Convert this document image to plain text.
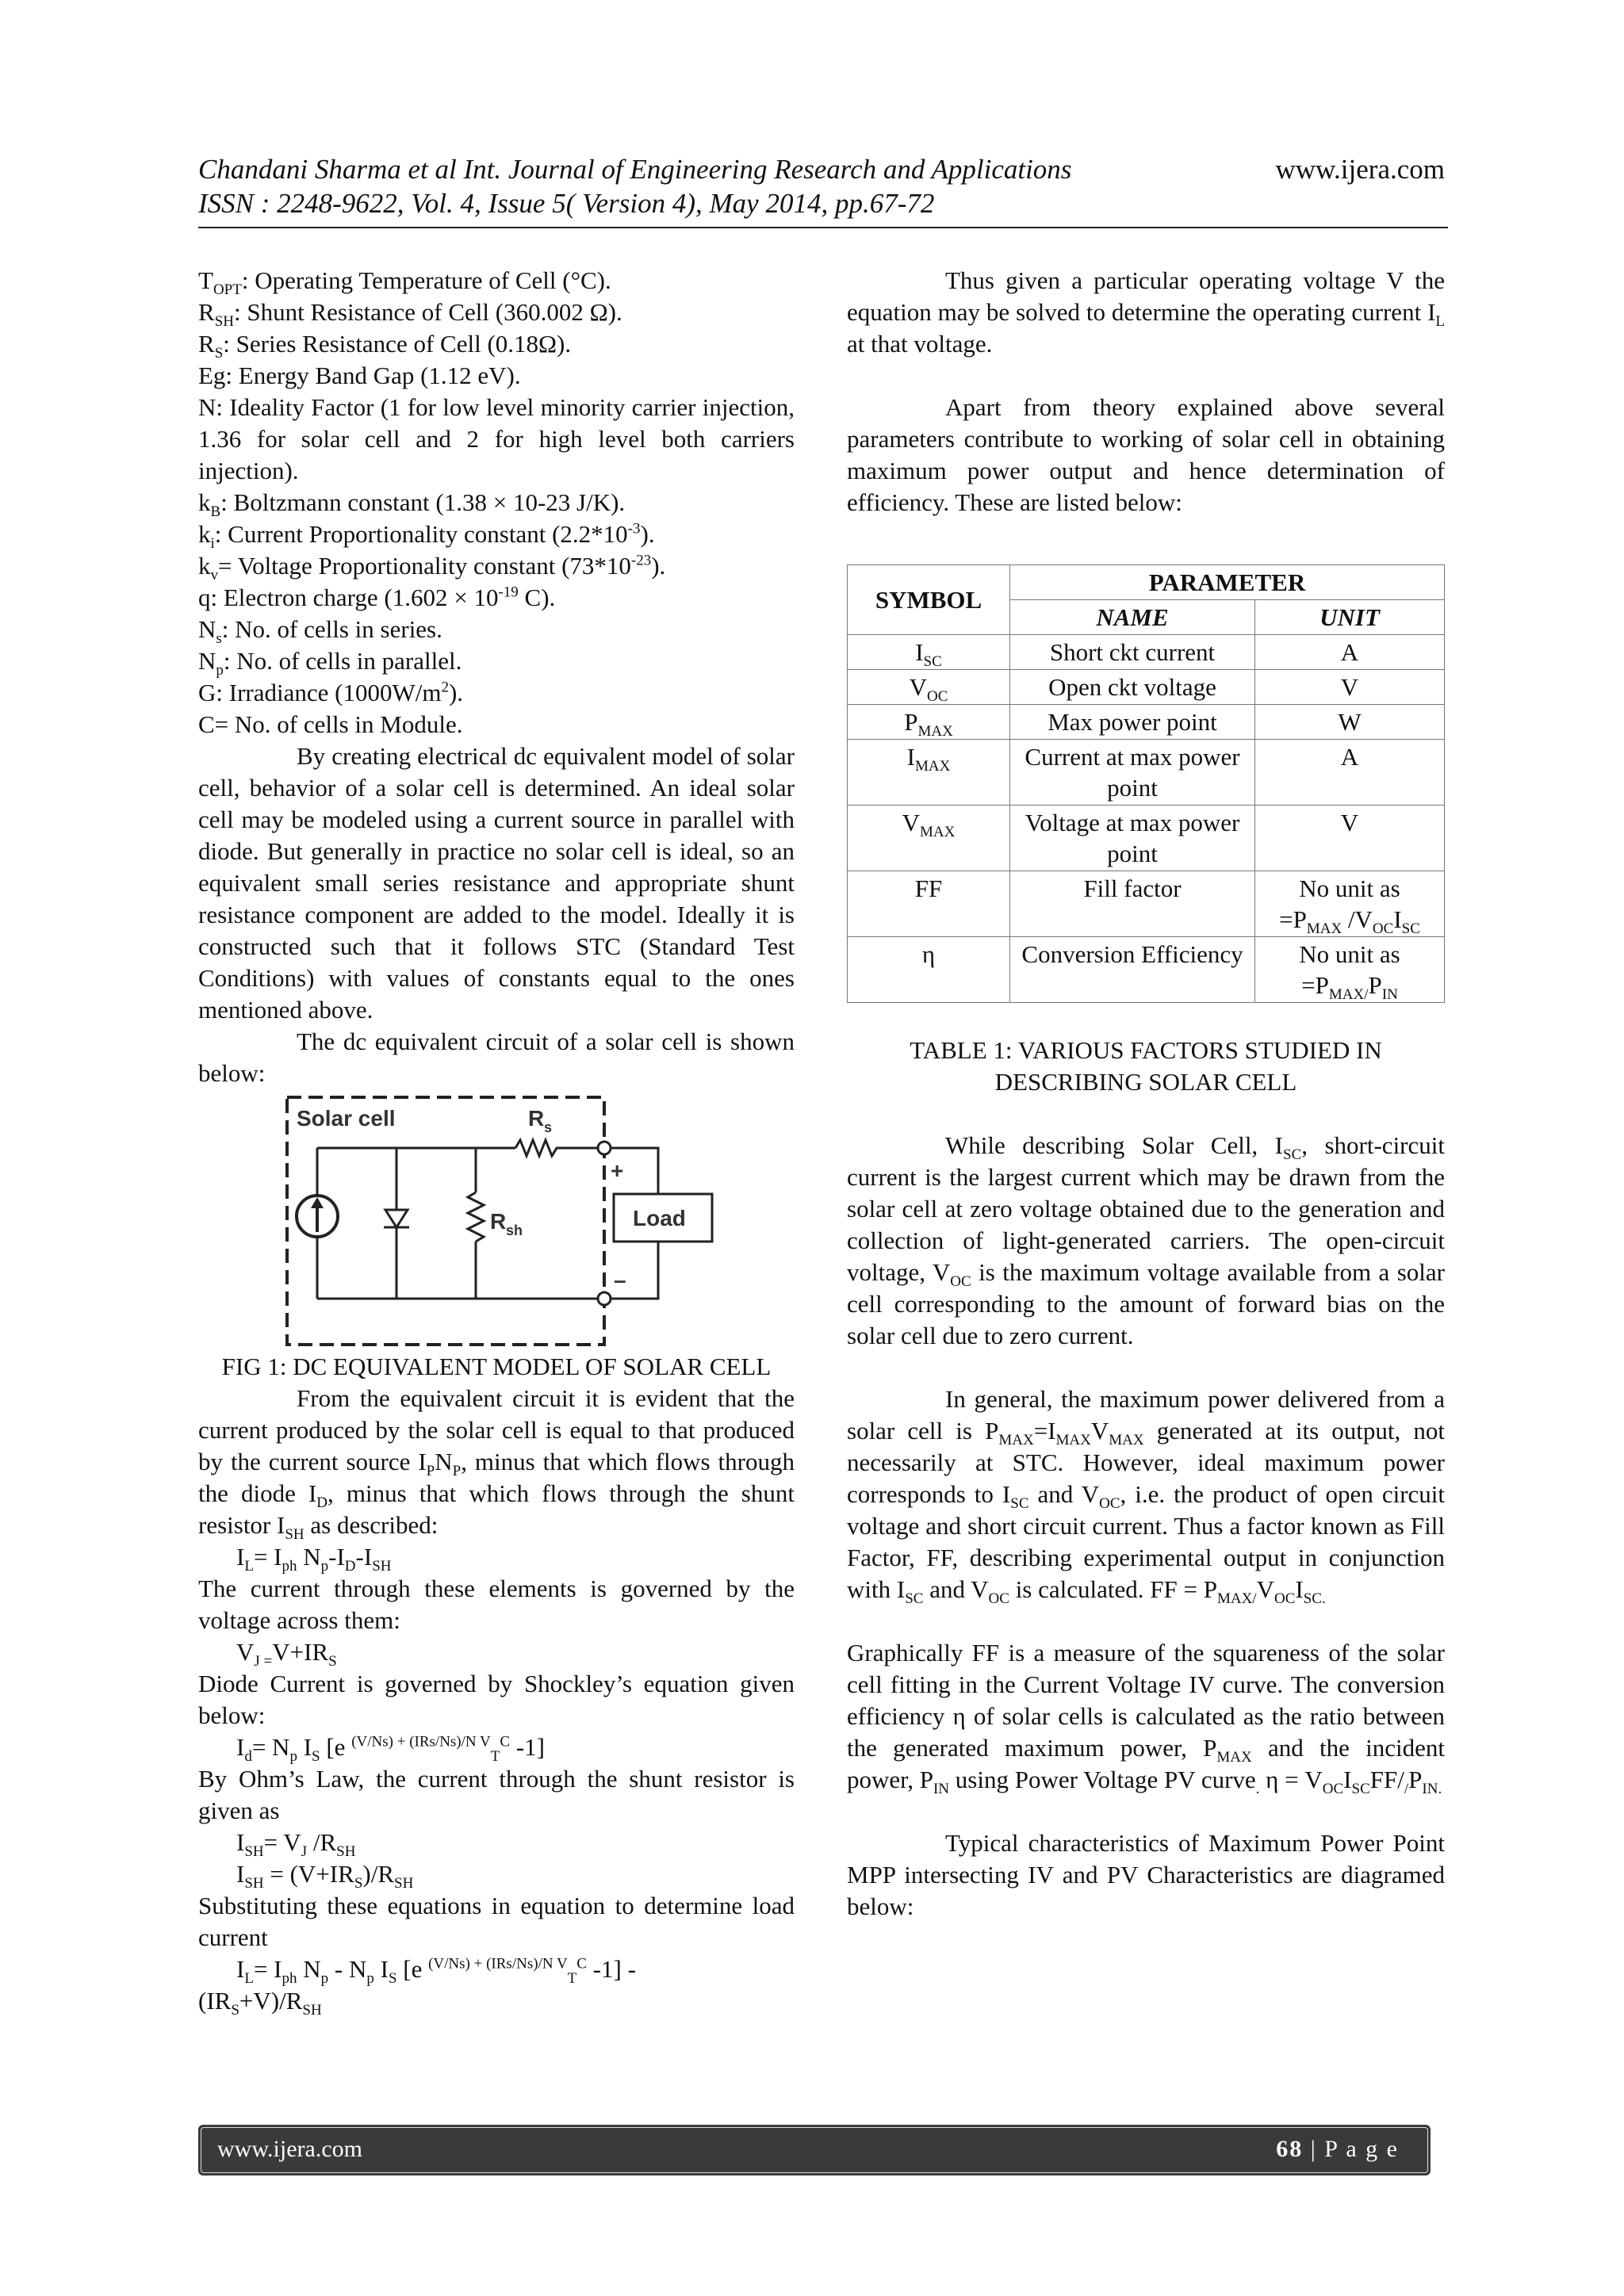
Chandani Sharma et al Int. Journal of Engineering Research and Applications	www.ijera.com
ISSN : 2248-9622, Vol. 4, Issue 5( Version 4), May 2014, pp.67-72

$T_{OPT}$: Operating Temperature of Cell (°C).

$R_{SH}$: Shunt Resistance of Cell (360.002 Ω).

$R_S$: Series Resistance of Cell (0.18Ω).

Eg: Energy Band Gap (1.12 eV).

N: Ideality Factor (1 for low level minority carrier injection, 1.36 for solar cell and 2 for high level both carriers injection).

$k_B$: Boltzmann constant (1.38 × 10-23 J/K).

$k_i$: Current Proportionality constant $(2.2*10^{-3})$.

$k_v=$ Voltage Proportionality constant $(73*10^{-23})$.

q: Electron charge ($1.602 \times 10^{-19}$ C).

$N_s$: No. of cells in series.

$N_p$: No. of cells in parallel.

G: Irradiance $(1000W/m^2)$.

C= No. of cells in Module.

By creating electrical dc equivalent model of solar cell, behavior of a solar cell is determined. An ideal solar cell may be modeled using a current source in parallel with diode. But generally in practice no solar cell is ideal, so an equivalent small series resistance and appropriate shunt resistance component are added to the model. Ideally it is constructed such that it follows STC (Standard Test Conditions) with values of constants equal to the ones mentioned above.

The dc equivalent circuit of a solar cell is shown below:

Solar cell	R s
R sh
+
–
Load

FIG 1: DC EQUIVALENT MODEL OF SOLAR CELL

From the equivalent circuit it is evident that the current produced by the solar cell is equal to that produced by the current source $I_PN_P$, minus that which flows through the diode $I_D$, minus that which flows through the shunt resistor $I_{SH}$ as described:

$I_L= I_{ph}$ $N_p-I_D-I_{SH}$

The current through these elements is governed by the voltage across them:

$V_{J =}V+IR_S$

Diode Current is governed by Shockley’s equation given below:

$I_d= N_p$ $I_S$ [e $^{(V/Ns) + (IRs/Ns)/N V}_T^C$ -1]

By Ohm’s Law, the current through the shunt resistor is given as

$I_{SH}= V_J$ $/R_{SH}$

$I_{SH} = (V+IR_S)/R_{SH}$

Substituting these equations in equation to determine load current

$I_L= I_{ph}$ $N_p - N_p$ $I_S$ [e $^{(V/Ns) + (IRs/Ns)/N V}_T^C$ -1] -

$(IR_S+V)/R_{SH}$

Thus given a particular operating voltage V the equation may be solved to determine the operating current $I_L$ at that voltage.

Apart from theory explained above several parameters contribute to working of solar cell in obtaining maximum power output and hence determination of efficiency. These are listed below:

SYMBOL	PARAMETER	
	NAME	UNIT
$I_{SC}$	Short ckt current	A
$V_{OC}$	Open ckt voltage	V
$P_{MAX}$	Max power point	W
$I_{MAX}$	Current at max power point	A
$V_{MAX}$	Voltage at max power point	V
FF	Fill factor	No unit as
$=P_{MAX}$ $/V_{OC}I_{SC}$
η	Conversion Efficiency	No unit as
$=P_{MAX/}P_{IN}$

TABLE 1: VARIOUS FACTORS STUDIED IN DESCRIBING SOLAR CELL

While describing Solar Cell, $I_{SC}$, short-circuit current is the largest current which may be drawn from the solar cell at zero voltage obtained due to the generation and collection of light-generated carriers. The open-circuit voltage, $V_{OC}$ is the maximum voltage available from a solar cell corresponding to the amount of forward bias on the solar cell due to zero current.

In general, the maximum power delivered from a solar cell is $P_{MAX}=I_{MAX}V_{MAX}$ generated at its output, not necessarily at STC. However, ideal maximum power corresponds to $I_{SC}$ and $V_{OC}$, i.e. the product of open circuit voltage and short circuit current. Thus a factor known as Fill Factor, FF, describing experimental output in conjunction with $I_{SC}$ and $V_{OC}$ is calculated. FF = $P_{MAX/}V_{OC}I_{SC.}$

Graphically FF is a measure of the squareness of the solar cell fitting in the Current Voltage IV curve. The conversion efficiency η of solar cells is calculated as the ratio between the generated maximum power, $P_{MAX}$ and the incident power, $P_{IN}$ using Power Voltage PV curve$_.$ $\eta = V_{OC}I_{SC}FF/_/P_{IN.}$

Typical characteristics of Maximum Power Point MPP intersecting IV and PV Characteristics are diagramed below:

www.ijera.com	68 | P a g e
